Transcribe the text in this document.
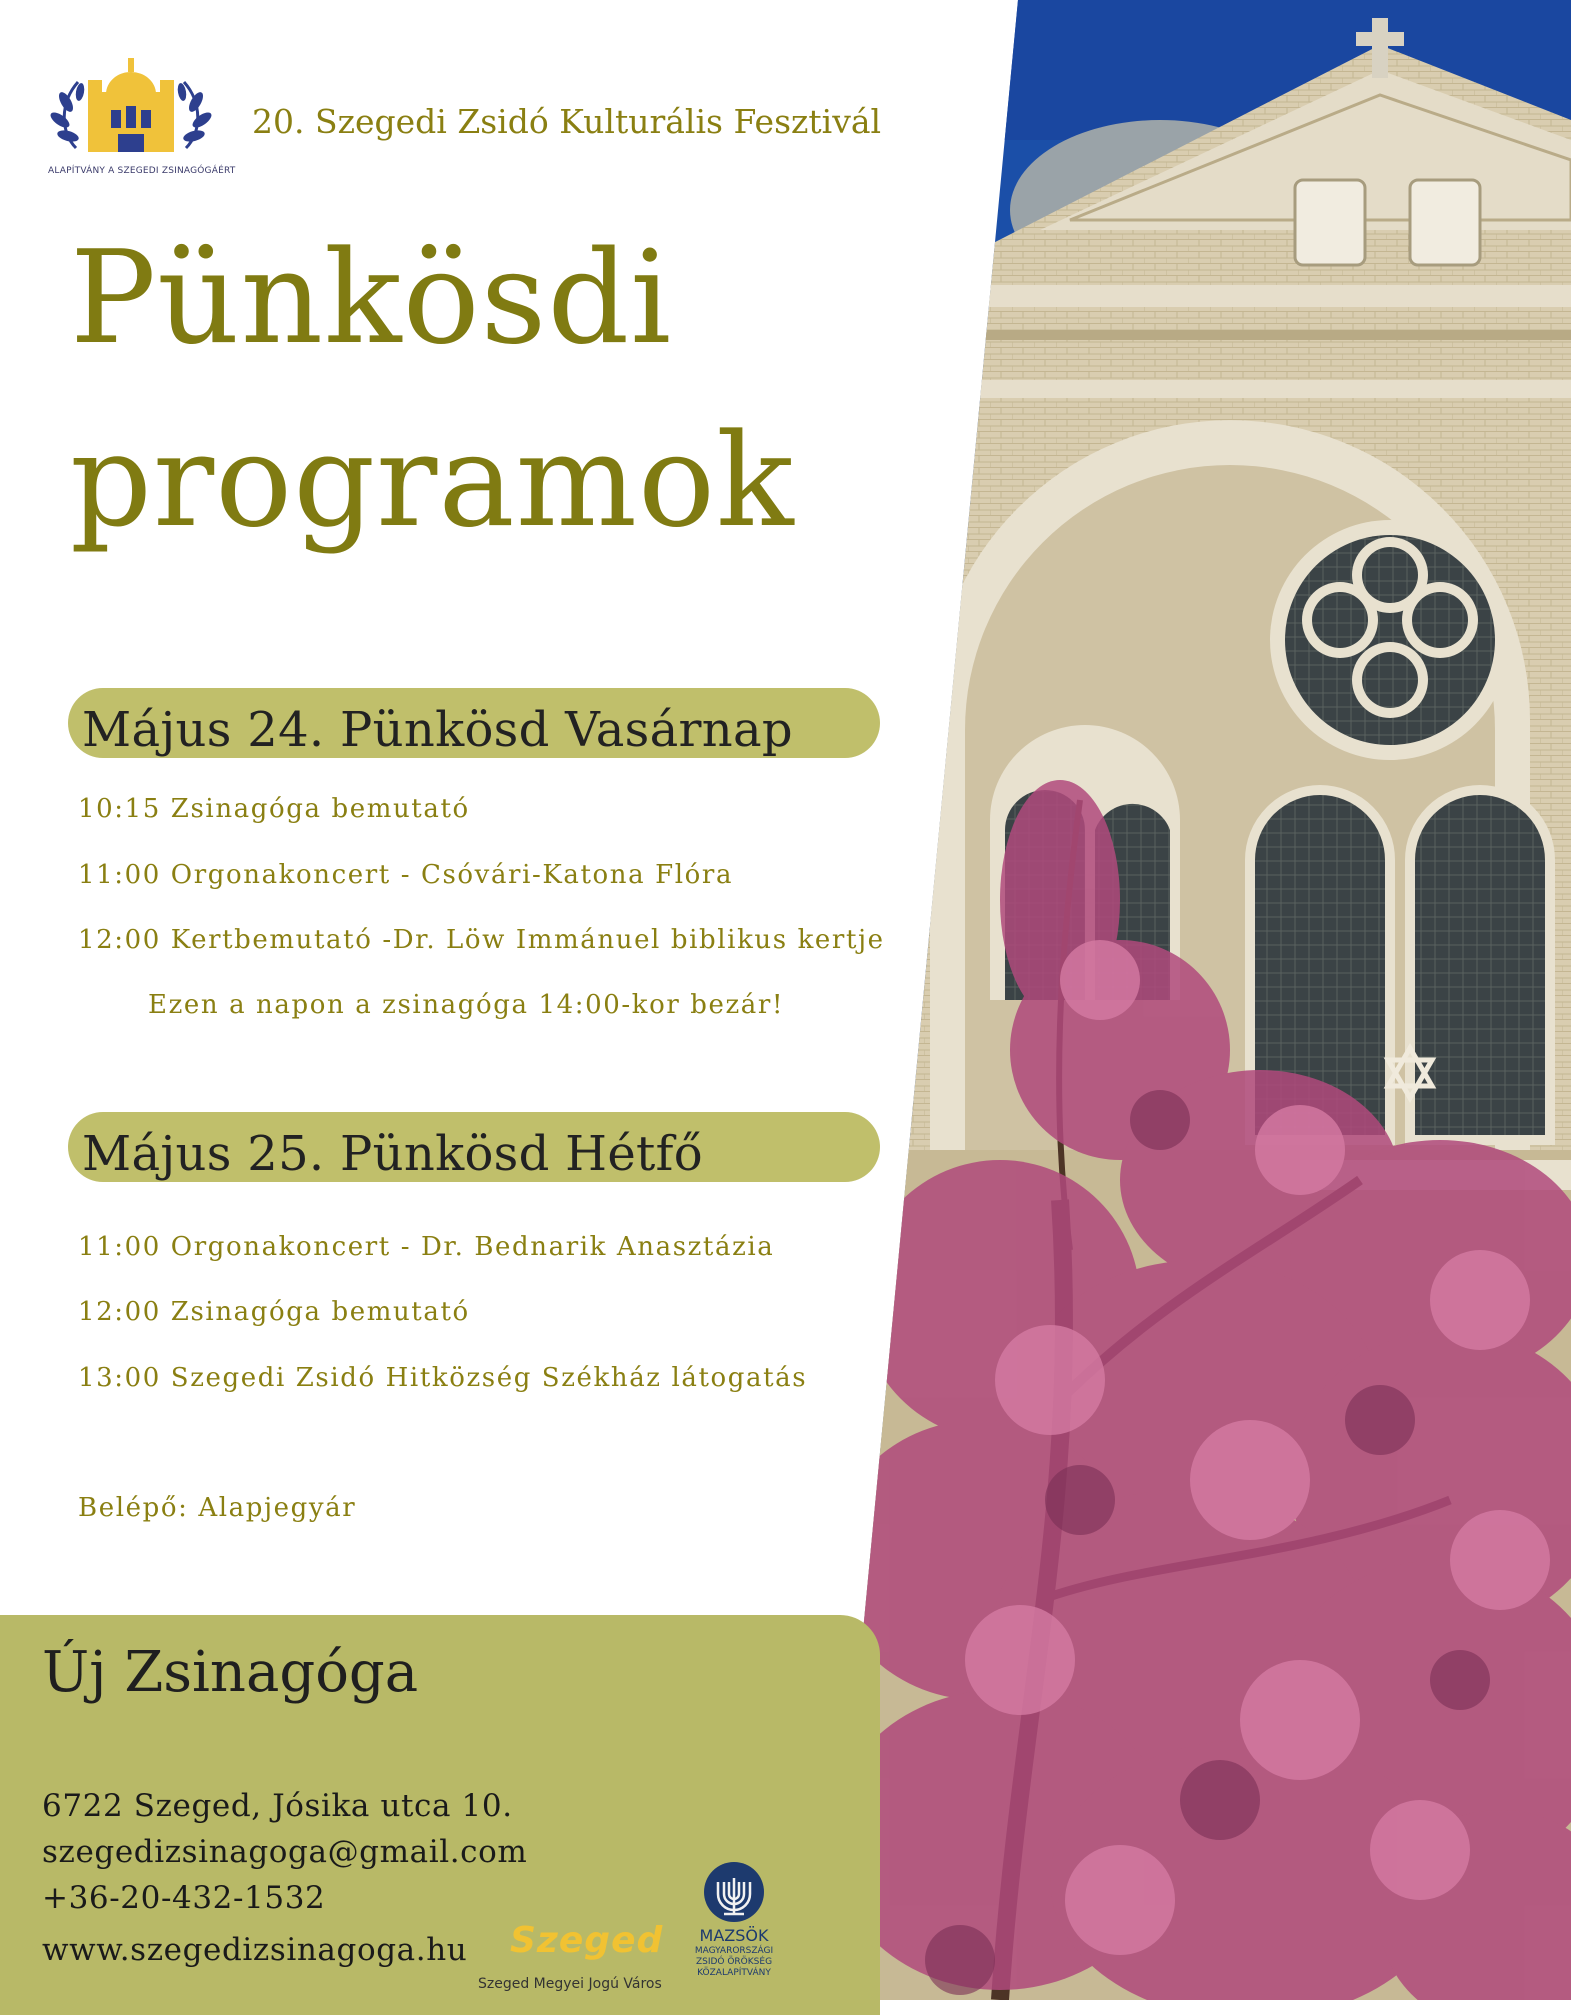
ALAPÍTVÁNY A SZEGEDI ZSINAGÓGÁÉRT
20. Szegedi Zsidó Kulturális Fesztivál
Pünkösdi
programok
Május 24. Pünkösd Vasárnap
10:15 Zsinagóga bemutató
11:00 Orgonakoncert - Csóvári-Katona Flóra
12:00 Kertbemutató -Dr. Löw Immánuel biblikus kertje
Ezen a napon a zsinagóga 14:00-kor bezár!
Május 25. Pünkösd Hétfő
11:00 Orgonakoncert - Dr. Bednarik Anasztázia
12:00 Zsinagóga bemutató
13:00 Szegedi Zsidó Hitközség Székház látogatás
Belépő: Alapjegyár
Új Zsinagóga
6722 Szeged, Jósika utca 10.
szegedizsinagoga@gmail.com
+36-20-432-1532
www.szegedizsinagoga.hu Szeged
Szeged Megyei Jogú Város
MAZSÖK
MAGYARORSZÁGI
ZSIDÓ ÖRÖKSÉG
KÖZALAPÍTVÁNY
